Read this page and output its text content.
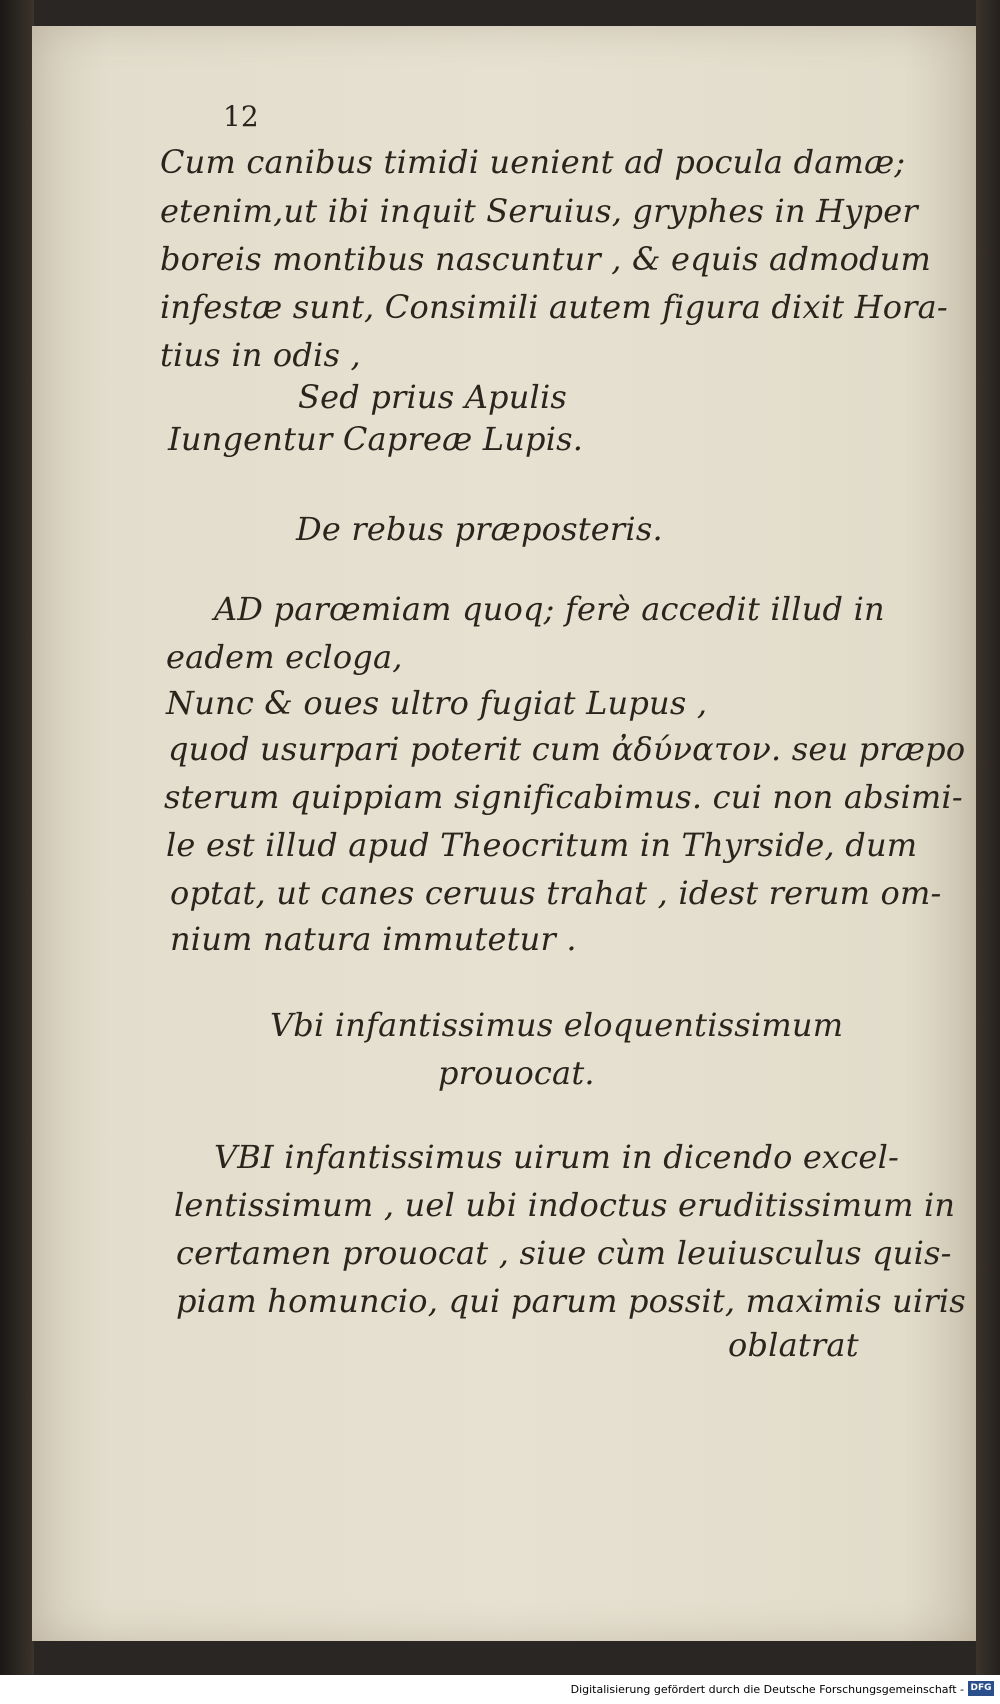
12
Cum canibus timidi uenient ad pocula damæ;
etenim,ut ibi inquit Seruius, gryphes in Hyper
boreis montibus nascuntur , & equis admodum
infestæ sunt, Consimili autem figura dixit Hora-
tius in odis ,
Sed prius Apulis
Iungentur Capreæ Lupis.
De rebus præposteris.
AD parœmiam quoq; ferè accedit illud in
eadem ecloga,
Nunc & oues ultro fugiat Lupus ,
quod usurpari poterit cum ἀδύνατον. seu præpo
sterum quippiam significabimus. cui non absimi-
le est illud apud Theocritum in Thyrside, dum
optat, ut canes ceruus trahat , idest rerum om-
nium natura immutetur .
Vbi infantissimus eloquentissimum
prouocat.
VBI infantissimus uirum in dicendo excel-
lentissimum , uel ubi indoctus eruditissimum in
certamen prouocat , siue cùm leuiusculus quis-
piam homuncio, qui parum possit, maximis uiris
oblatrat
Digitalisierung gefördert durch die Deutsche Forschungsgemeinschaft - DFG
